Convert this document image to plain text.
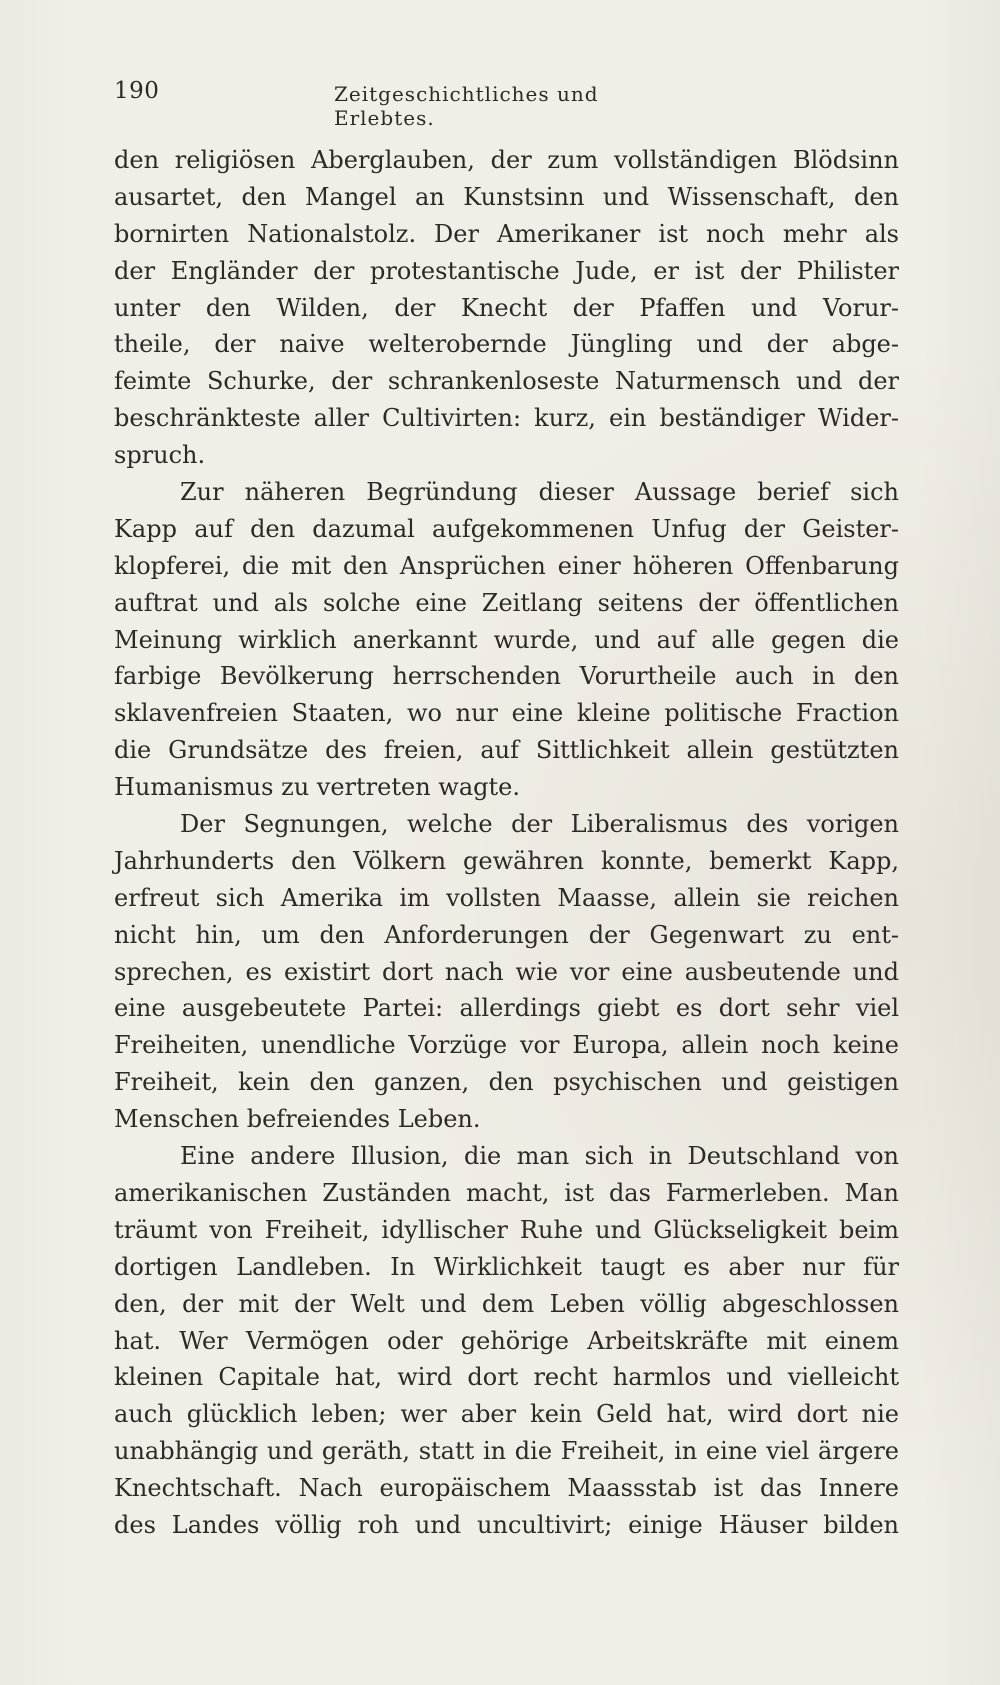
190	Zeitgeschichtliches und Erlebtes.
den religiösen Aberglauben, der zum vollständigen Blödsinn
ausartet, den Mangel an Kunstsinn und Wissenschaft, den
bornirten Nationalstolz. Der Amerikaner ist noch mehr als
der Engländer der protestantische Jude, er ist der Philister
unter den Wilden, der Knecht der Pfaffen und Vorur-
theile, der naive welterobernde Jüngling und der abge-
feimte Schurke, der schrankenloseste Naturmensch und der
beschränkteste aller Cultivirten: kurz, ein beständiger Wider-
spruch.
Zur näheren Begründung dieser Aussage berief sich
Kapp auf den dazumal aufgekommenen Unfug der Geister-
klopferei, die mit den Ansprüchen einer höheren Offenbarung
auftrat und als solche eine Zeitlang seitens der öffentlichen
Meinung wirklich anerkannt wurde, und auf alle gegen die
farbige Bevölkerung herrschenden Vorurtheile auch in den
sklavenfreien Staaten, wo nur eine kleine politische Fraction
die Grundsätze des freien, auf Sittlichkeit allein gestützten
Humanismus zu vertreten wagte.
Der Segnungen, welche der Liberalismus des vorigen
Jahrhunderts den Völkern gewähren konnte, bemerkt Kapp,
erfreut sich Amerika im vollsten Maasse, allein sie reichen
nicht hin, um den Anforderungen der Gegenwart zu ent-
sprechen, es existirt dort nach wie vor eine ausbeutende und
eine ausgebeutete Partei: allerdings giebt es dort sehr viel
Freiheiten, unendliche Vorzüge vor Europa, allein noch keine
Freiheit, kein den ganzen, den psychischen und geistigen
Menschen befreiendes Leben.
Eine andere Illusion, die man sich in Deutschland von
amerikanischen Zuständen macht, ist das Farmerleben. Man
träumt von Freiheit, idyllischer Ruhe und Glückseligkeit beim
dortigen Landleben. In Wirklichkeit taugt es aber nur für
den, der mit der Welt und dem Leben völlig abgeschlossen
hat. Wer Vermögen oder gehörige Arbeitskräfte mit einem
kleinen Capitale hat, wird dort recht harmlos und vielleicht
auch glücklich leben; wer aber kein Geld hat, wird dort nie
unabhängig und geräth, statt in die Freiheit, in eine viel ärgere
Knechtschaft. Nach europäischem Maassstab ist das Innere
des Landes völlig roh und uncultivirt; einige Häuser bilden
